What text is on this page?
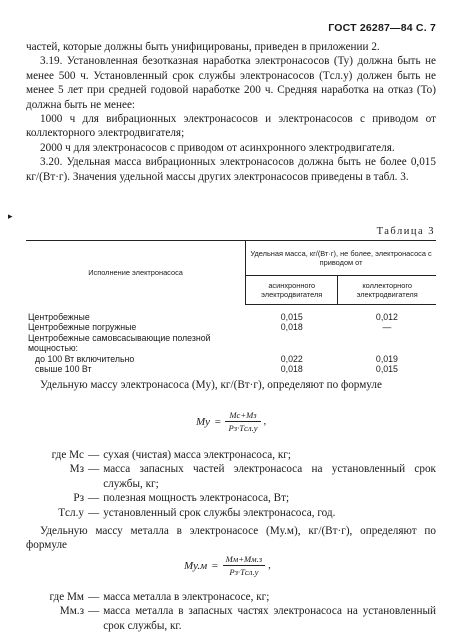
ГОСТ 26287—84 С. 7

частей, которые должны быть унифицированы, приведен в приложении 2.

3.19. Установленная безотказная наработка электронасосов (Ty) должна быть не менее 500 ч. Установленный срок службы электронасосов (Tсл.у) должен быть не менее 5 лет при средней годовой наработке 200 ч. Средняя наработка на отказ (To) должна быть не менее:

1000 ч для вибрационных электронасосов и электронасосов с приводом от коллекторного электродвигателя;

2000 ч для электронасосов с приводом от асинхронного электродвигателя.

3.20. Удельная масса вибрационных электронасосов должна быть не более 0,015 кг/(Вт·г). Значения удельной массы других электронасосов приведены в табл. 3.

▸
Таблица 3
Исполнение электронасоса	Удельная масса, кг/(Вт·г), не более, электронасоса с приводом от	
	асинхронного электродвигателя	коллекторного электродвигателя
Центробежные	0,015	0,012
Центробежные погружные	0,018	—
Центробежные самовсасывающие полезной мощностью:		
до 100 Вт включительно	0,022	0,019
свыше 100 Вт	0,018	0,015

Удельную массу электронасоса (Mу), кг/(Вт·г), определяют по формуле

$My = \frac{Mс+Mз}{\text{Pз·Tсл.у}}$ ,
где Mс — сухая (чистая) масса электронасоса, кг;
Mз — масса запасных частей электронасоса на установленный срок службы, кг;
Pз — полезная мощность электронасоса, Вт;
Tсл.у — установленный срок службы электронасоса, год.

Удельную массу металла в электронасосе (Mу.м), кг/(Вт·г), определяют по формуле

$Mу.м = \frac{Mм+Mм.з}{\text{Pз·Tсл.у}}$ ,
где Mм — масса металла в электронасосе, кг;
Mм.з — масса металла в запасных частях электронасоса на установленный срок службы, кг.
